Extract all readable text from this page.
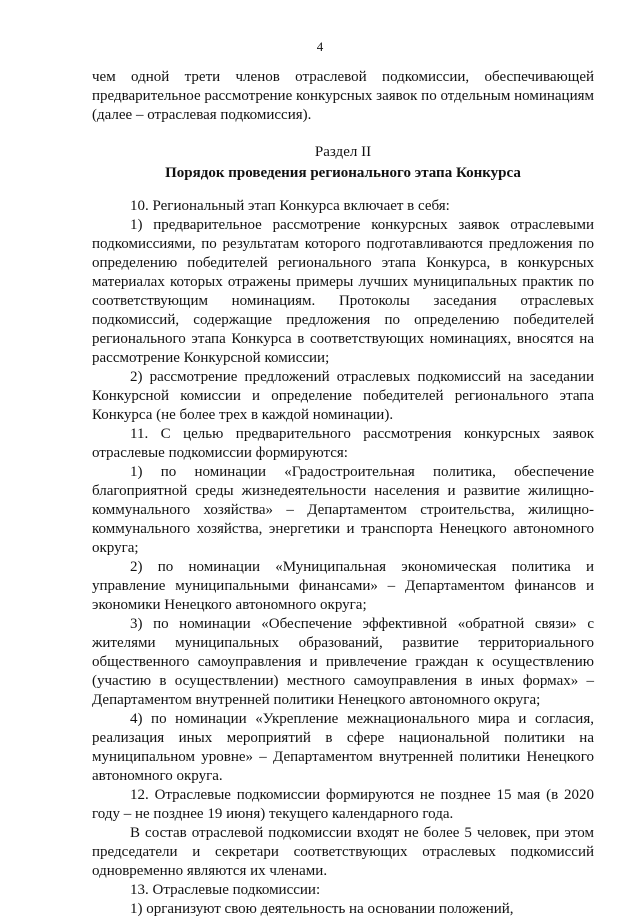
4

чем одной трети членов отраслевой подкомиссии, обеспечивающей предварительное рассмотрение конкурсных заявок по отдельным номинациям (далее – отраслевая подкомиссия).

Раздел II

Порядок проведения регионального этапа Конкурса

10. Региональный этап Конкурса включает в себя:

1) предварительное рассмотрение конкурсных заявок отраслевыми подкомиссиями, по результатам которого подготавливаются предложения по определению победителей регионального этапа Конкурса, в конкурсных материалах которых отражены примеры лучших муниципальных практик по соответствующим номинациям. Протоколы заседания отраслевых подкомиссий, содержащие предложения по определению победителей регионального этапа Конкурса в соответствующих номинациях, вносятся на рассмотрение Конкурсной комиссии;

2) рассмотрение предложений отраслевых подкомиссий на заседании Конкурсной комиссии и определение победителей регионального этапа Конкурса (не более трех в каждой номинации).

11. С целью предварительного рассмотрения конкурсных заявок отраслевые подкомиссии формируются:

1) по номинации «Градостроительная политика, обеспечение благоприятной среды жизнедеятельности населения и развитие жилищно-коммунального хозяйства» – Департаментом строительства, жилищно-коммунального хозяйства, энергетики и транспорта Ненецкого автономного округа;

2) по номинации «Муниципальная экономическая политика и управление муниципальными финансами» – Департаментом финансов и экономики Ненецкого автономного округа;

3) по номинации «Обеспечение эффективной «обратной связи» с жителями муниципальных образований, развитие территориального общественного самоуправления и привлечение граждан к осуществлению (участию в осуществлении) местного самоуправления в иных формах» – Департаментом внутренней политики Ненецкого автономного округа;

4) по номинации «Укрепление межнационального мира и согласия, реализация иных мероприятий в сфере национальной политики на муниципальном уровне» – Департаментом внутренней политики Ненецкого автономного округа.

12. Отраслевые подкомиссии формируются не позднее 15 мая (в 2020 году – не позднее 19 июня) текущего календарного года.

В состав отраслевой подкомиссии входят не более 5 человек, при этом председатели и секретари соответствующих отраслевых подкомиссий одновременно являются их членами.

13. Отраслевые подкомиссии:

1) организуют свою деятельность на основании положений,
